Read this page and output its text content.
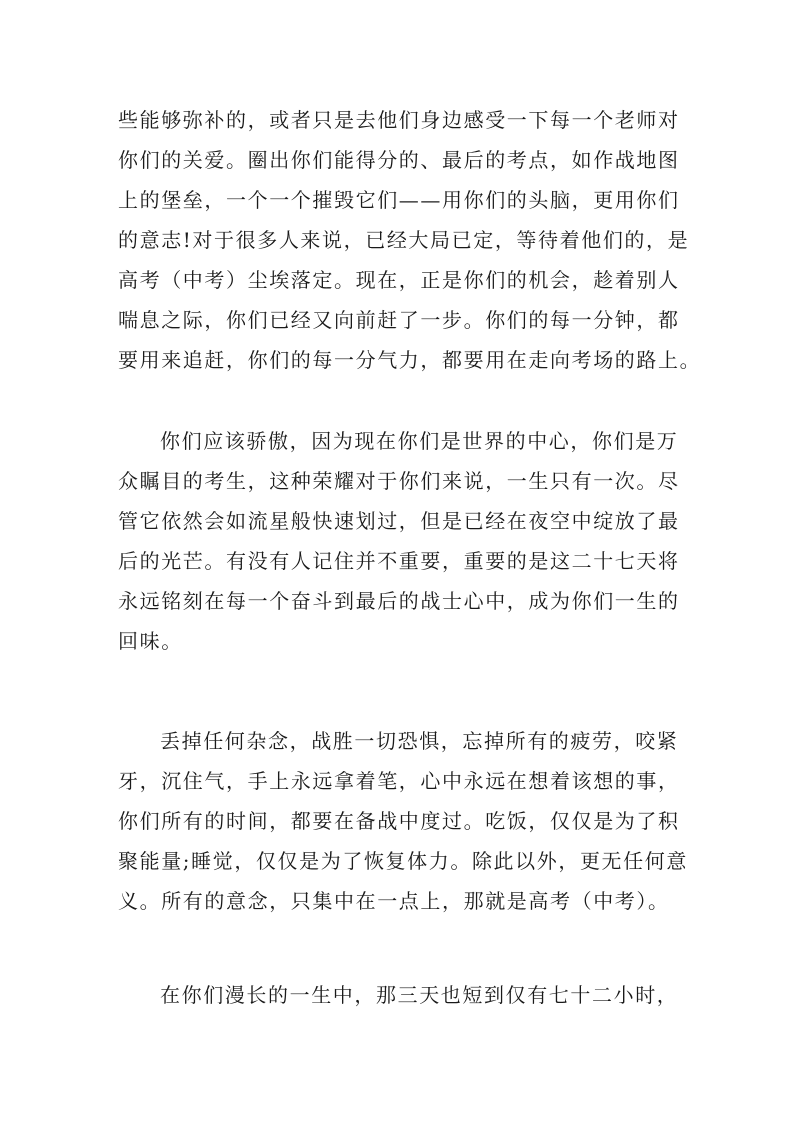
些能够弥补的，或者只是去他们身边感受一下每一个老师对
你们的关爱。圈出你们能得分的、最后的考点，如作战地图
上的堡垒，一个一个摧毁它们——用你们的头脑，更用你们
的意志!对于很多人来说，已经大局已定，等待着他们的，是
高考（中考）尘埃落定。现在，正是你们的机会，趁着别人
喘息之际，你们已经又向前赶了一步。你们的每一分钟，都
要用来追赶，你们的每一分气力，都要用在走向考场的路上。

你们应该骄傲，因为现在你们是世界的中心，你们是万
众瞩目的考生，这种荣耀对于你们来说，一生只有一次。尽
管它依然会如流星般快速划过，但是已经在夜空中绽放了最
后的光芒。有没有人记住并不重要，重要的是这二十七天将
永远铭刻在每一个奋斗到最后的战士心中，成为你们一生的
回味。

丢掉任何杂念，战胜一切恐惧，忘掉所有的疲劳，咬紧
牙，沉住气，手上永远拿着笔，心中永远在想着该想的事，
你们所有的时间，都要在备战中度过。吃饭，仅仅是为了积
聚能量;睡觉，仅仅是为了恢复体力。除此以外，更无任何意
义。所有的意念，只集中在一点上，那就是高考（中考）。

在你们漫长的一生中，那三天也短到仅有七十二小时，
